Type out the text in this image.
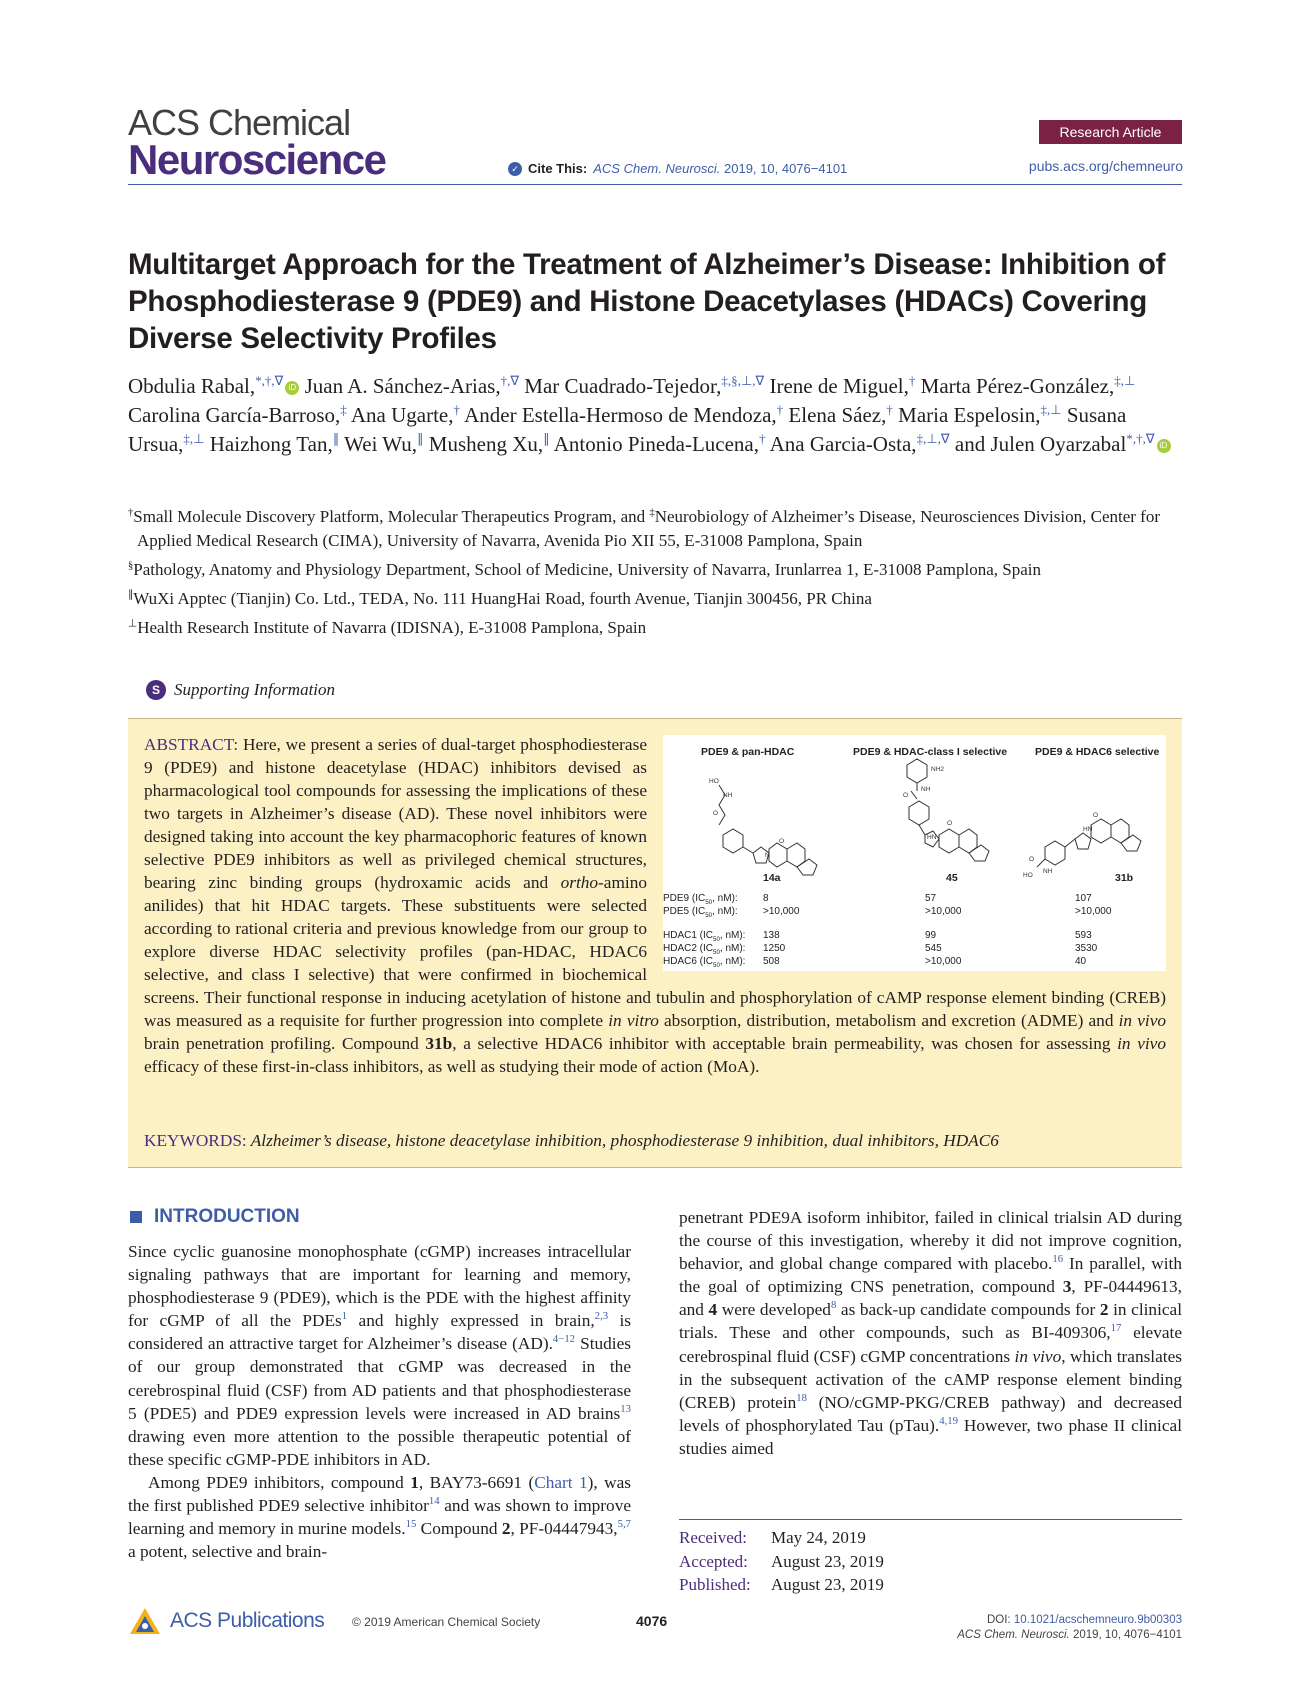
ACS Chemical
Neuroscience
Research Article
✓ Cite This: ACS Chem. Neurosci. 2019, 10, 4076−4101	pubs.acs.org/chemneuro
Multitarget Approach for the Treatment of Alzheimer’s Disease: Inhibition of Phosphodiesterase 9 (PDE9) and Histone Deacetylases (HDACs) Covering Diverse Selectivity Profiles
Obdulia Rabal,*,†,∇ iD Juan A. Sánchez-Arias,†,∇ Mar Cuadrado-Tejedor,‡,§,⊥,∇ Irene de Miguel,† Marta Pérez-González,‡,⊥ Carolina García-Barroso,‡ Ana Ugarte,† Ander Estella-Hermoso de Mendoza,† Elena Sáez,† Maria Espelosin,‡,⊥ Susana Ursua,‡,⊥ Haizhong Tan,∥ Wei Wu,∥ Musheng Xu,∥ Antonio Pineda-Lucena,† Ana Garcia-Osta,‡,⊥,∇ and Julen Oyarzabal*,†,∇ iD

†Small Molecule Discovery Platform, Molecular Therapeutics Program, and ‡Neurobiology of Alzheimer’s Disease, Neurosciences Division, Center for Applied Medical Research (CIMA), University of Navarra, Avenida Pio XII 55, E-31008 Pamplona, Spain

§Pathology, Anatomy and Physiology Department, School of Medicine, University of Navarra, Irunlarrea 1, E-31008 Pamplona, Spain

∥WuXi Apptec (Tianjin) Co. Ltd., TEDA, No. 111 HuangHai Road, fourth Avenue, Tianjin 300456, PR China

⊥Health Research Institute of Navarra (IDISNA), E-31008 Pamplona, Spain

S Supporting Information
PDE9 & pan-HDAC	PDE9 & HDAC-class I selective	PDE9 & HDAC6 selective
HO
NH
O
O
N
NH
NH2
O
O
HN
HO
NH
O
O
HN
14a	45	31b
PDE9 ($IC_{50}$, nM):	8	57	107
PDE5 ($IC_{50}$, nM):	>10,000	>10,000	>10,000
HDAC1 ($IC_{50}$, nM): 138	99	593
HDAC2 ($IC_{50}$, nM): 1250	545	3530
HDAC6 ($IC_{50}$, nM): 508	>10,000	40
ABSTRACT: Here, we present a series of dual-target phosphodiesterase 9 (PDE9) and histone deacetylase (HDAC) inhibitors devised as pharmacological tool compounds for assessing the implications of these two targets in Alzheimer’s disease (AD). These novel inhibitors were designed taking into account the key pharmacophoric features of known selective PDE9 inhibitors as well as privileged chemical structures, bearing zinc binding groups (hydroxamic acids and ortho-amino anilides) that hit HDAC targets. These substituents were selected according to rational criteria and previous knowledge from our group to explore diverse HDAC selectivity profiles (pan-HDAC, HDAC6 selective, and class I selective) that were confirmed in biochemical screens. Their functional response in inducing acetylation of histone and tubulin and phosphorylation of cAMP response element binding (CREB) was measured as a requisite for further progression into complete in vitro absorption, distribution, metabolism and excretion (ADME) and in vivo brain penetration profiling. Compound 31b, a selective HDAC6 inhibitor with acceptable brain permeability, was chosen for assessing in vivo efficacy of these first-in-class inhibitors, as well as studying their mode of action (MoA).
KEYWORDS: Alzheimer’s disease, histone deacetylase inhibition, phosphodiesterase 9 inhibition, dual inhibitors, HDAC6
INTRODUCTION

Since cyclic guanosine monophosphate (cGMP) increases intracellular signaling pathways that are important for learning and memory, phosphodiesterase 9 (PDE9), which is the PDE with the highest affinity for cGMP of all the PDEs$^1$ and highly expressed in brain,$^{2,3}$ is considered an attractive target for Alzheimer’s disease (AD).$^{4-12}$ Studies of our group demonstrated that cGMP was decreased in the cerebrospinal fluid (CSF) from AD patients and that phosphodiesterase 5 (PDE5) and PDE9 expression levels were increased in AD brains$^{13}$ drawing even more attention to the possible therapeutic potential of these specific cGMP-PDE inhibitors in AD.

Among PDE9 inhibitors, compound 1, BAY73-6691 (Chart 1), was the first published PDE9 selective inhibitor$^{14}$ and was shown to improve learning and memory in murine models.$^{15}$ Compound 2, PF-04447943,$^{5,7}$ a potent, selective and brain-

penetrant PDE9A isoform inhibitor, failed in clinical trialsin AD during the course of this investigation, whereby it did not improve cognition, behavior, and global change compared with placebo.$^{16}$ In parallel, with the goal of optimizing CNS penetration, compound 3, PF-04449613, and 4 were developed$^8$ as back-up candidate compounds for 2 in clinical trials. These and other compounds, such as BI-409306,17 elevate cerebrospinal fluid (CSF) cGMP concentrations in vivo, which translates in the subsequent activation of the cAMP response element binding (CREB) protein$^{18}$ (NO/cGMP-PKG/CREB pathway) and decreased levels of phosphorylated Tau (pTau).$^{4,19}$ However, two phase II clinical studies aimed

Received:	May 24, 2019
Accepted:	August 23, 2019
Published:	August 23, 2019
ACS Publications © 2019 American Chemical Society	4076	DOI: 10.1021/acschemneuro.9b00303
ACS Chem. Neurosci. 2019, 10, 4076−4101
